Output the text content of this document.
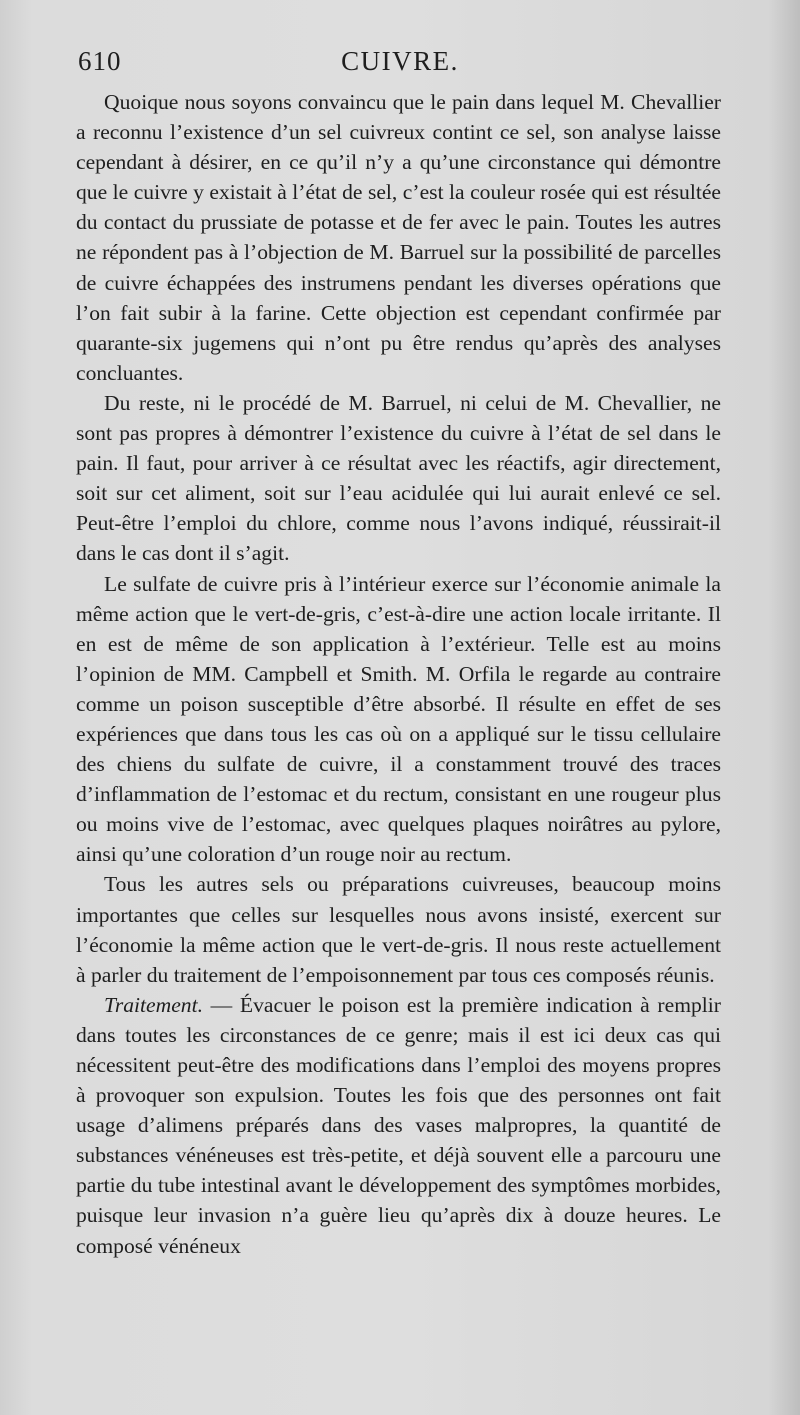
610	CUIVRE.

Quoique nous soyons convaincu que le pain dans lequel M. Chevallier a reconnu l’existence d’un sel cuivreux contint ce sel, son analyse laisse cependant à désirer, en ce qu’il n’y a qu’une circonstance qui démontre que le cuivre y existait à l’état de sel, c’est la couleur rosée qui est résultée du contact du prussiate de potasse et de fer avec le pain. Toutes les autres ne répondent pas à l’objection de M. Barruel sur la possibilité de parcelles de cuivre échappées des instrumens pendant les diverses opérations que l’on fait subir à la farine. Cette objection est cependant confirmée par quarante-six jugemens qui n’ont pu être rendus qu’après des analyses concluantes.

Du reste, ni le procédé de M. Barruel, ni celui de M. Chevallier, ne sont pas propres à démontrer l’existence du cuivre à l’état de sel dans le pain. Il faut, pour arriver à ce résultat avec les réactifs, agir directement, soit sur cet aliment, soit sur l’eau acidulée qui lui aurait enlevé ce sel. Peut-être l’emploi du chlore, comme nous l’avons indiqué, réussirait-il dans le cas dont il s’agit.

Le sulfate de cuivre pris à l’intérieur exerce sur l’économie animale la même action que le vert-de-gris, c’est-à-dire une action locale irritante. Il en est de même de son application à l’extérieur. Telle est au moins l’opinion de MM. Campbell et Smith. M. Orfila le regarde au contraire comme un poison susceptible d’être absorbé. Il résulte en effet de ses expériences que dans tous les cas où on a appliqué sur le tissu cellulaire des chiens du sulfate de cuivre, il a constamment trouvé des traces d’inflammation de l’estomac et du rectum, consistant en une rougeur plus ou moins vive de l’estomac, avec quelques plaques noirâtres au pylore, ainsi qu’une coloration d’un rouge noir au rectum.

Tous les autres sels ou préparations cuivreuses, beaucoup moins importantes que celles sur lesquelles nous avons insisté, exercent sur l’économie la même action que le vert-de-gris. Il nous reste actuellement à parler du traitement de l’empoisonnement par tous ces composés réunis.

Traitement. — Évacuer le poison est la première indication à remplir dans toutes les circonstances de ce genre; mais il est ici deux cas qui nécessitent peut-être des modifications dans l’emploi des moyens propres à provoquer son expulsion. Toutes les fois que des personnes ont fait usage d’alimens préparés dans des vases malpropres, la quantité de substances vénéneuses est très-petite, et déjà souvent elle a parcouru une partie du tube intestinal avant le développement des symptômes morbides, puisque leur invasion n’a guère lieu qu’après dix à douze heures. Le composé vénéneux
